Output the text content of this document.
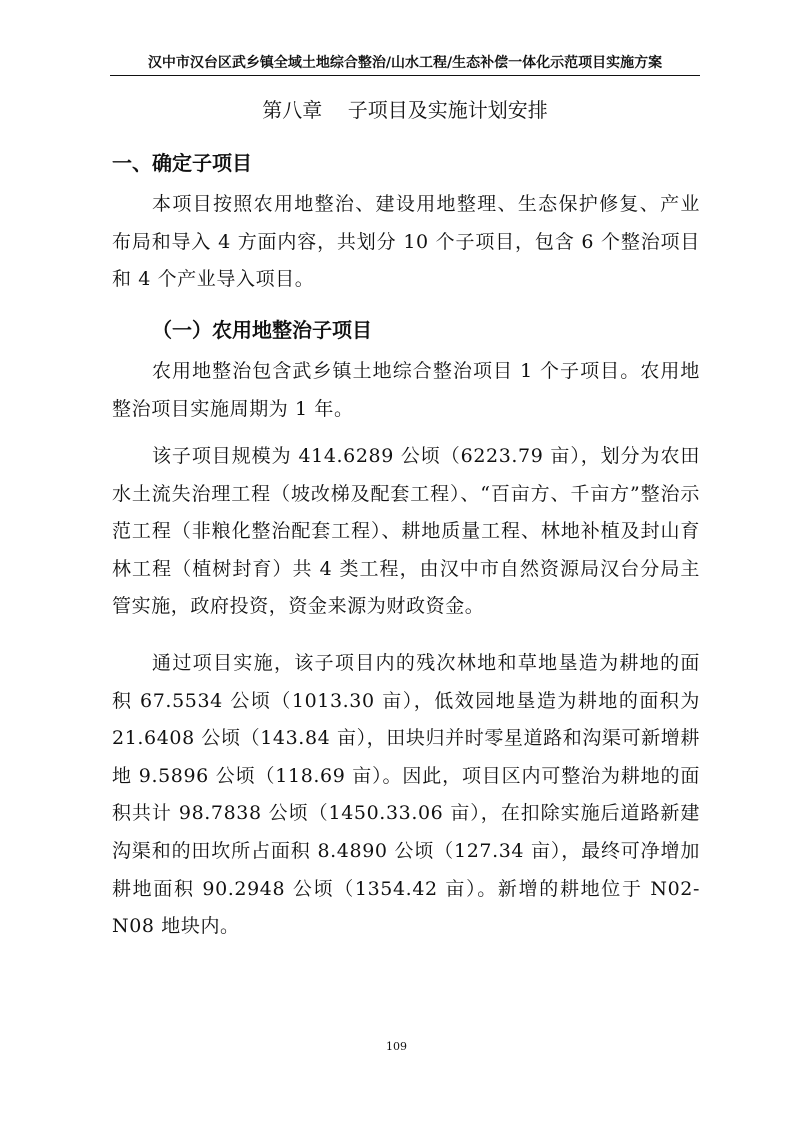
汉中市汉台区武乡镇全域土地综合整治/山水工程/生态补偿一体化示范项目实施方案
第八章    子项目及实施计划安排
一、确定子项目

本项目按照农用地整治、建设用地整理、生态保护修复、产业布局和导入 4 方面内容，共划分 10 个子项目，包含 6 个整治项目和 4 个产业导入项目。

（一）农用地整治子项目

农用地整治包含武乡镇土地综合整治项目 1 个子项目。农用地整治项目实施周期为 1 年。

该子项目规模为 414.6289 公顷（6223.79 亩），划分为农田水土流失治理工程（坡改梯及配套工程）、“百亩方、千亩方”整治示范工程（非粮化整治配套工程）、耕地质量工程、林地补植及封山育林工程（植树封育）共 4 类工程，由汉中市自然资源局汉台分局主管实施，政府投资，资金来源为财政资金。

通过项目实施，该子项目内的残次林地和草地垦造为耕地的面积 67.5534 公顷（1013.30 亩），低效园地垦造为耕地的面积为 21.6408 公顷（143.84 亩），田块归并时零星道路和沟渠可新增耕地 9.5896 公顷（118.69 亩）。因此，项目区内可整治为耕地的面积共计 98.7838 公顷（1450.33.06 亩），在扣除实施后道路新建沟渠和的田坎所占面积 8.4890 公顷（127.34 亩），最终可净增加耕地面积 90.2948 公顷（1354.42 亩）。新增的耕地位于 N02-N08 地块内。

109
